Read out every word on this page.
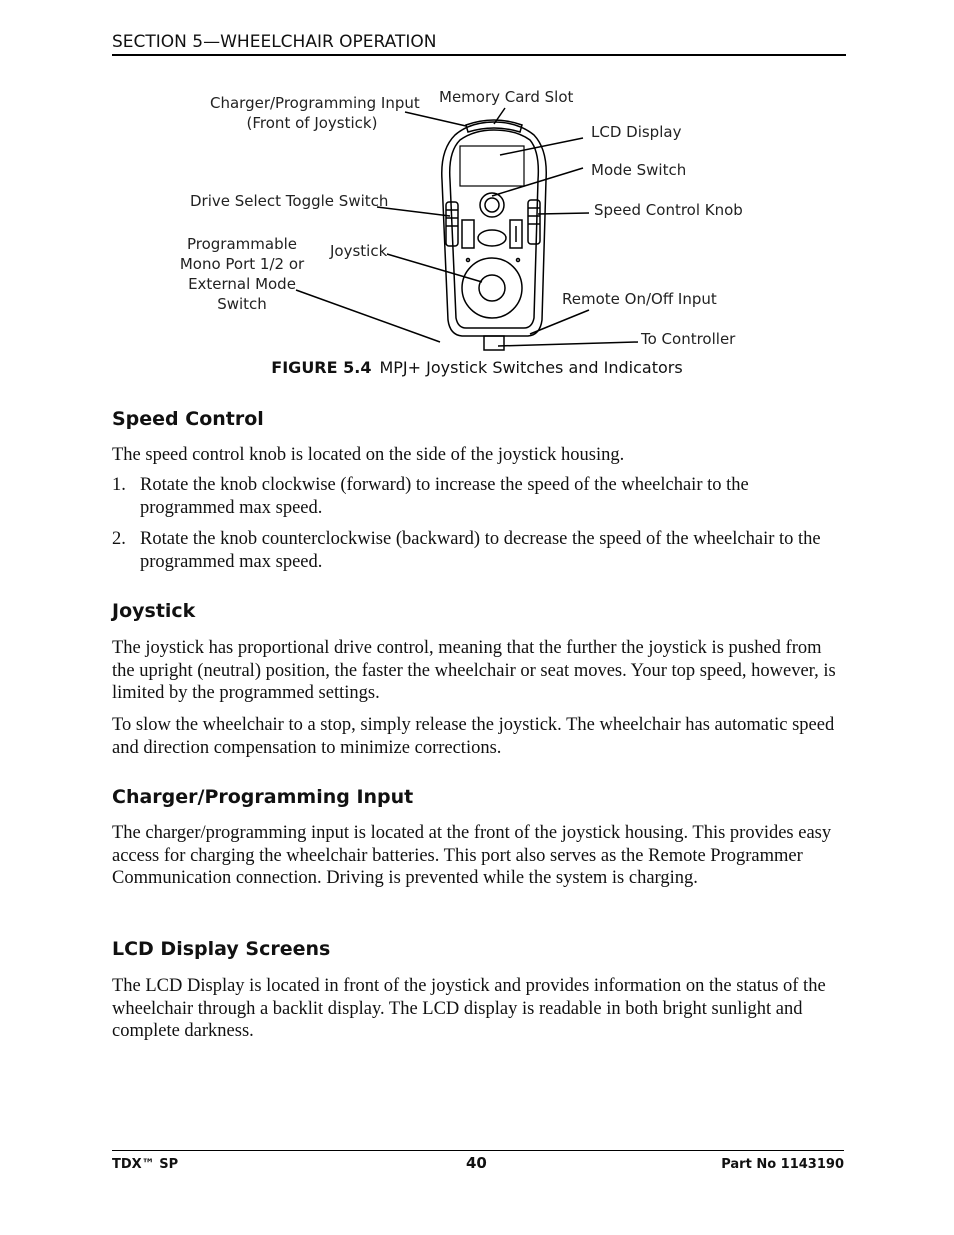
SECTION 5—WHEELCHAIR OPERATION
Charger/Programming Input
(Front of Joystick)
Memory Card Slot
LCD Display
Mode Switch
Drive Select Toggle Switch	Speed Control Knob
Joystick
Programmable
Mono Port 1/2 or
External Mode
Switch	Remote On/Off Input
To Controller
FIGURE 5.4 MPJ+ Joystick Switches and Indicators
Speed Control
The speed control knob is located on the side of the joystick housing.
1. Rotate the knob clockwise (forward) to increase the speed of the wheelchair to the programmed max speed.
2. Rotate the knob counterclockwise (backward) to decrease the speed of the wheelchair to the programmed max speed.
Joystick
The joystick has proportional drive control, meaning that the further the joystick is pushed from the upright (neutral) position, the faster the wheelchair or seat moves. Your top speed, however, is limited by the programmed settings.
To slow the wheelchair to a stop, simply release the joystick. The wheelchair has automatic speed and direction compensation to minimize corrections.
Charger/Programming Input
The charger/programming input is located at the front of the joystick housing. This provides easy access for charging the wheelchair batteries. This port also serves as the Remote Programmer Communication connection. Driving is prevented while the system is charging.
LCD Display Screens
The LCD Display is located in front of the joystick and provides information on the status of the wheelchair through a backlit display. The LCD display is readable in both bright sunlight and complete darkness.
TDX™ SP	40	Part No 1143190
